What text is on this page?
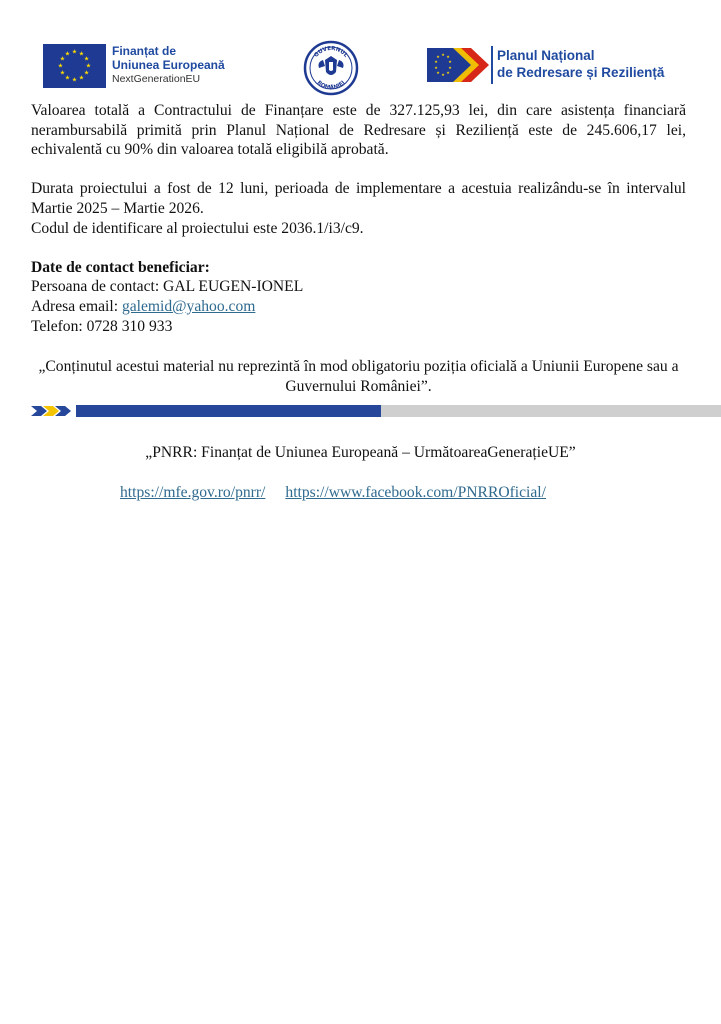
★ ★
★
★
★
★
★
★
★
★
★
★	Finanțat de
Uniunea Europeană
NextGenerationEU
GUVERNUL
ROMÂNIEI
★ ★
★
★
★
★
★
★
★
★	Planul Național
de Redresare și Reziliență

Valoarea totală a Contractului de Finanțare este de 327.125,93 lei, din care asistența financiară nerambursabilă primită prin Planul Național de Redresare și Reziliență este de 245.606,17 lei, echivalentă cu 90% din valoarea totală eligibilă aprobată.

Durata proiectului a fost de 12 luni, perioada de implementare a acestuia realizându-se în intervalul Martie 2025 – Martie 2026.

Codul de identificare al proiectului este 2036.1/i3/c9.

Date de contact beneficiar:

Persoana de contact: GAL EUGEN-IONEL

Adresa email: galemid@yahoo.com

Telefon: 0728 310 933

„Conținutul acestui material nu reprezintă în mod obligatoriu poziția oficială a Uniunii Europene sau a Guvernului României”.
„PNRR: Finanțat de Uniunea Europeană – UrmătoareaGenerațieUE”
https://mfe.gov.ro/pnrr/ https://www.facebook.com/PNRROficial/
